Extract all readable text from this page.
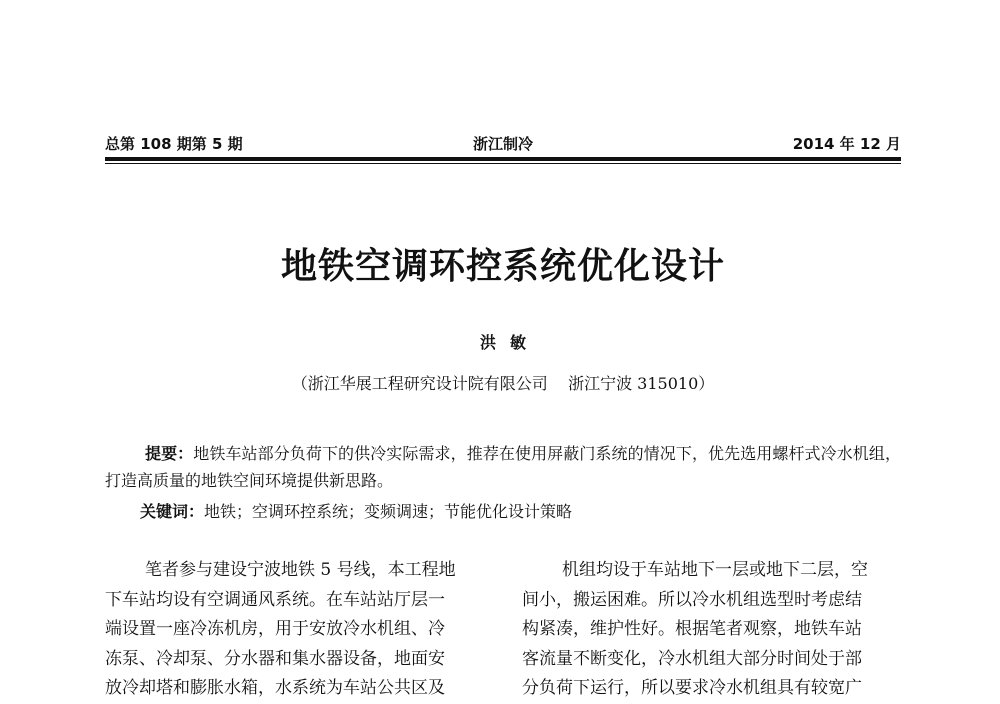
总第 108 期第 5 期	浙江制冷	2014 年 12 月
地铁空调环控系统优化设计
洪敏
（浙江华展工程研究设计院有限公司    浙江宁波 315010）
提要：地铁车站部分负荷下的供冷实际需求，推荐在使用屏蔽门系统的情况下，优先选用螺杆式冷水机组，打造高质量的地铁空间环境提供新思路。
关键词：地铁；空调环控系统；变频调速；节能优化设计策略
笔者参与建设宁波地铁 5 号线，本工程地
下车站均设有空调通风系统。在车站站厅层一
端设置一座冷冻机房，用于安放冷水机组、冷
冻泵、冷却泵、分水器和集水器设备，地面安
放冷却塔和膨胀水箱，水系统为车站公共区及
机组均设于车站地下一层或地下二层，空
间小，搬运困难。所以冷水机组选型时考虑结
构紧凑，维护性好。根据笔者观察，地铁车站
客流量不断变化，冷水机组大部分时间处于部
分负荷下运行，所以要求冷水机组具有较宽广
